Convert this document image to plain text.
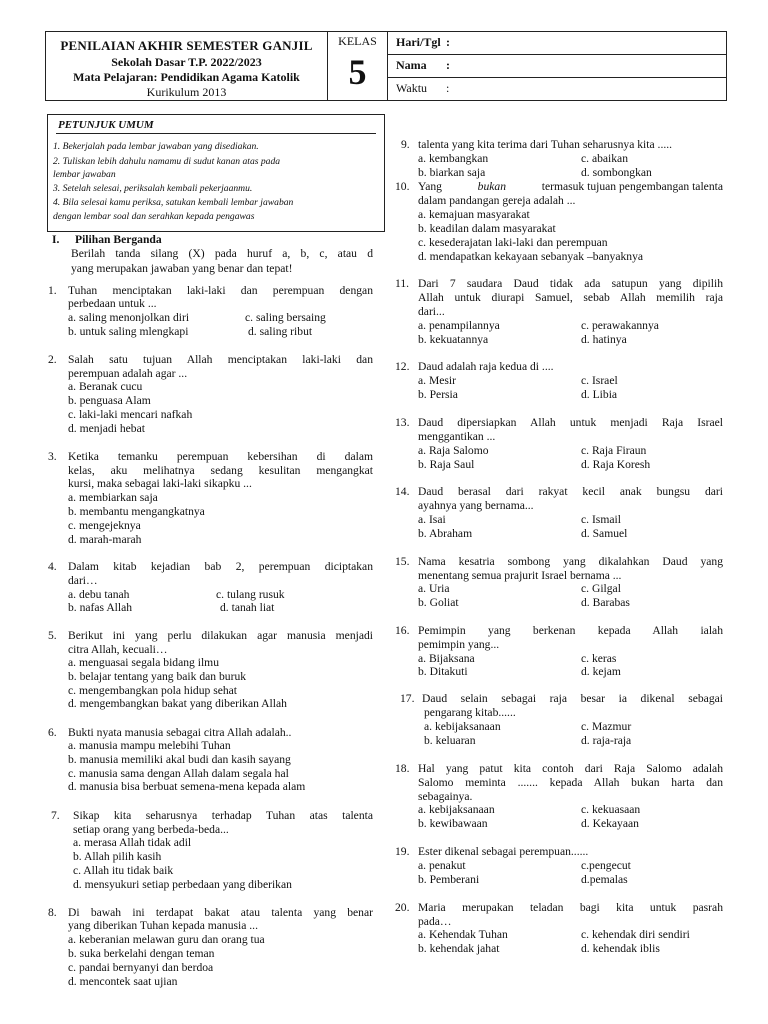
PENILAIAN AKHIR SEMESTER GANJIL
Sekolah Dasar T.P. 2022/2023
Mata Pelajaran: Pendidikan Agama Katolik
Kurikulum 2013
KELAS
5
Hari/Tgl :
Nama :
Waktu :
PETUNJUK UMUM
1. Bekerjalah pada lembar jawaban yang disediakan.
2. Tuliskan lebih dahulu namamu di sudut kanan atas pada
lembar jawaban
3. Setelah selesai, periksalah kembali pekerjaanmu.
4. Bila selesai kamu periksa, satukan kembali lembar jawaban
dengan lembar soal dan serahkan kepada pengawas
I. Pilihan Berganda
Berilah tanda silang (X) pada huruf a, b, c, atau d
yang merupakan jawaban yang benar dan tepat!
1. Tuhan menciptakan laki-laki dan perempuan dengan
perbedaan untuk ...
a. saling menonjolkan diri	c. saling bersaing
b. untuk saling mlengkapi	d. saling ribut
2. Salah satu tujuan Allah menciptakan laki-laki dan
perempuan adalah agar ...
a. Beranak cucu
b. penguasa Alam
c. laki-laki mencari nafkah
d. menjadi hebat
3. Ketika temanku perempuan kebersihan di dalam
kelas, aku melihatnya sedang kesulitan mengangkat
kursi, maka sebagai laki-laki sikapku ...
a. membiarkan saja
b. membantu mengangkatnya
c. mengejeknya
d. marah-marah
4. Dalam kitab kejadian bab 2, perempuan diciptakan
dari…
a. debu tanah	c. tulang rusuk
b. nafas Allah	d. tanah liat
5. Berikut ini yang perlu dilakukan agar manusia menjadi
citra Allah, kecuali…
a. menguasai segala bidang ilmu
b. belajar tentang yang baik dan buruk
c. mengembangkan pola hidup sehat
d. mengembangkan bakat yang diberikan Allah
6. Bukti nyata manusia sebagai citra Allah adalah..
a. manusia mampu melebihi Tuhan
b. manusia memiliki akal budi dan kasih sayang
c. manusia sama dengan Allah dalam segala hal
d. manusia bisa berbuat semena-mena kepada alam
7. Sikap kita seharusnya terhadap Tuhan atas talenta
setiap orang yang berbeda-beda...
a. merasa Allah tidak adil
b. Allah pilih kasih
c. Allah itu tidak baik
d. mensyukuri setiap perbedaan yang diberikan
8. Di bawah ini terdapat bakat atau talenta yang benar
yang diberikan Tuhan kepada manusia ...
a. keberanian melawan guru dan orang tua
b. suka berkelahi dengan teman
c. pandai bernyanyi dan berdoa
d. mencontek saat ujian
9. talenta yang kita terima dari Tuhan seharusnya kita .....
a. kembangkan	c. abaikan
b. biarkan saja	d. sombongkan
10. Yang	bukan	termasuk tujuan pengembangan talenta
dalam pandangan gereja adalah ...
a. kemajuan masyarakat
b. keadilan dalam masyarakat
c. kesederajatan laki-laki dan perempuan
d. mendapatkan kekayaan sebanyak –banyaknya
11. Dari 7 saudara Daud tidak ada satupun yang dipilih
Allah untuk diurapi Samuel, sebab Allah memilih raja
dari...
a. penampilannya	c. perawakannya
b. kekuatannya	d. hatinya
12. Daud adalah raja kedua di ....
a. Mesir	c. Israel
b. Persia	d. Libia
13. Daud dipersiapkan Allah untuk menjadi Raja Israel
menggantikan ...
a. Raja Salomo	c. Raja Firaun
b. Raja Saul	d. Raja Koresh
14. Daud berasal dari rakyat kecil anak bungsu dari
ayahnya yang bernama...
a. Isai	c. Ismail
b. Abraham	d. Samuel
15. Nama kesatria sombong yang dikalahkan Daud yang
menentang semua prajurit Israel bernama ...
a. Uria	c. Gilgal
b. Goliat	d. Barabas
16. Pemimpin yang berkenan kepada Allah ialah
pemimpin yang...
a. Bijaksana	c. keras
b. Ditakuti	d. kejam
17. Daud selain sebagai raja besar ia dikenal sebagai
pengarang kitab......
a. kebijaksanaan	c. Mazmur
b. keluaran	d. raja-raja
18. Hal yang patut kita contoh dari Raja Salomo adalah
Salomo meminta ....... kepada Allah bukan harta dan
sebagainya.
a. kebijaksanaan	c. kekuasaan
b. kewibawaan	d. Kekayaan
19. Ester dikenal sebagai perempuan......
a. penakut	c.pengecut
b. Pemberani	d.pemalas
20. Maria merupakan teladan bagi kita untuk pasrah
pada…
a. Kehendak Tuhan	c. kehendak diri sendiri
b. kehendak jahat	d. kehendak iblis
